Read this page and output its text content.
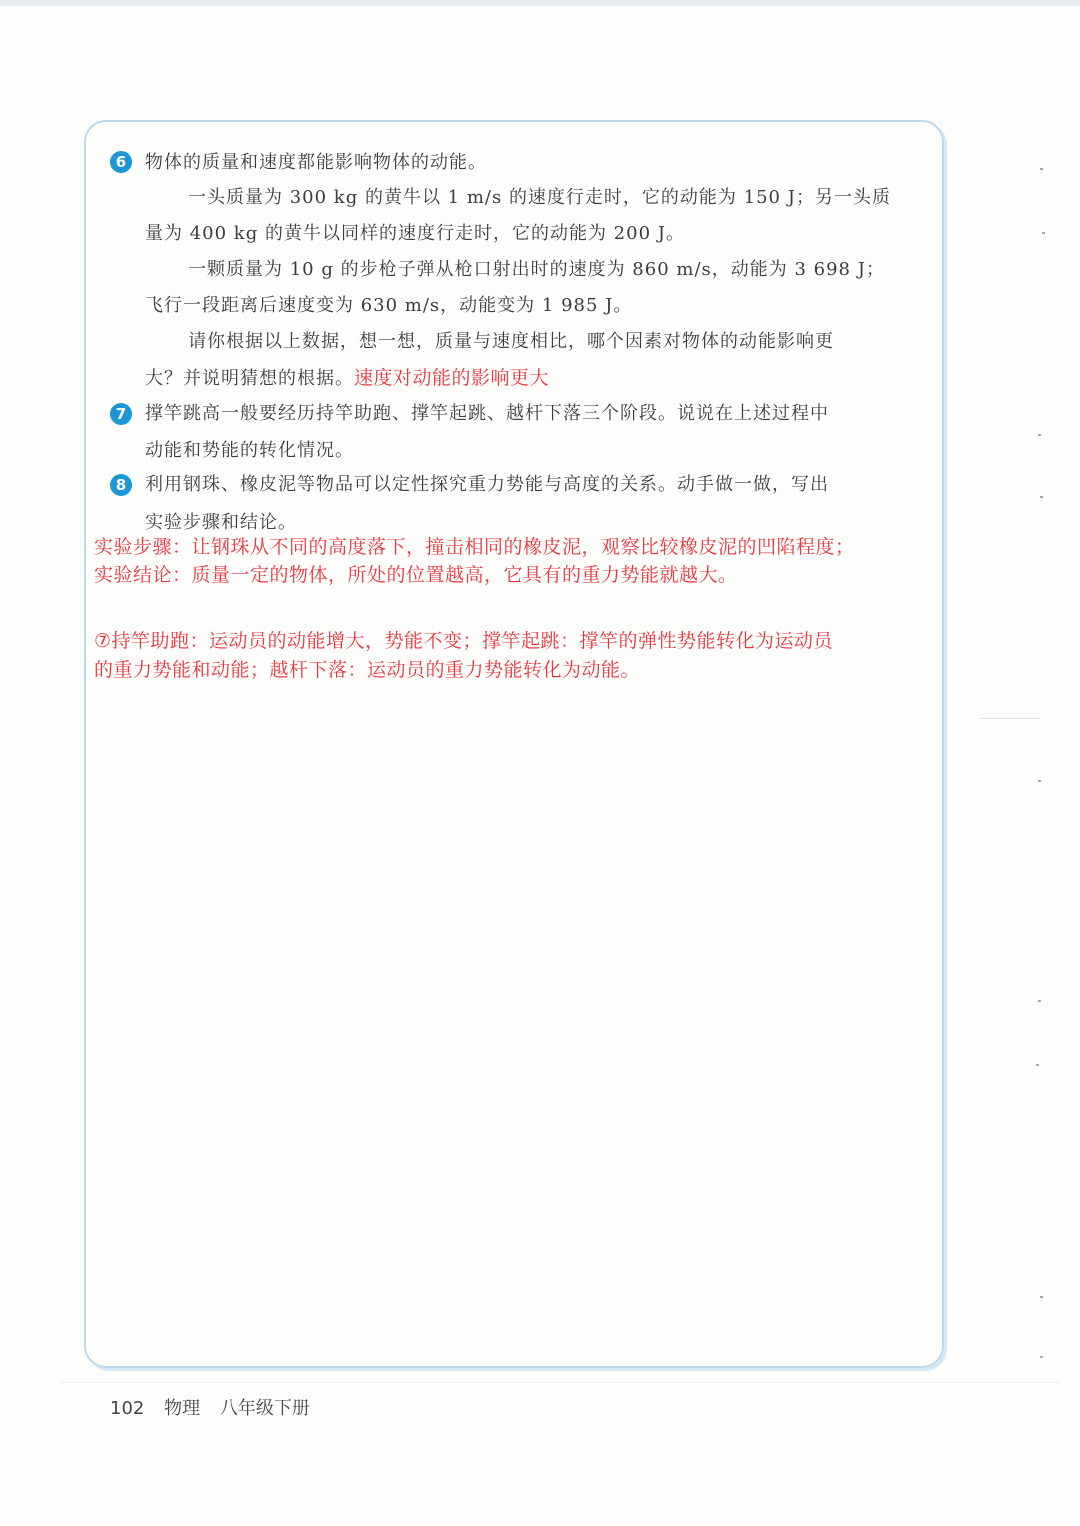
6	物体的质量和速度都能影响物体的动能。
一头质量为 300 kg 的黄牛以 1 m/s 的速度行走时，它的动能为 150 J；另一头质
量为 400 kg 的黄牛以同样的速度行走时，它的动能为 200 J。
一颗质量为 10 g 的步枪子弹从枪口射出时的速度为 860 m/s，动能为 3 698 J；
飞行一段距离后速度变为 630 m/s，动能变为 1 985 J。
请你根据以上数据，想一想，质量与速度相比，哪个因素对物体的动能影响更
大？并说明猜想的根据。速度对动能的影响更大
7	撑竿跳高一般要经历持竿助跑、撑竿起跳、越杆下落三个阶段。说说在上述过程中
动能和势能的转化情况。
8	利用钢珠、橡皮泥等物品可以定性探究重力势能与高度的关系。动手做一做，写出
实验步骤和结论。
实验步骤：让钢珠从不同的高度落下，撞击相同的橡皮泥，观察比较橡皮泥的凹陷程度；
实验结论：质量一定的物体，所处的位置越高，它具有的重力势能就越大。
⑦持竿助跑：运动员的动能增大，势能不变；撑竿起跳：撑竿的弹性势能转化为运动员
的重力势能和动能；越杆下落：运动员的重力势能转化为动能。
102 物理 八年级下册
